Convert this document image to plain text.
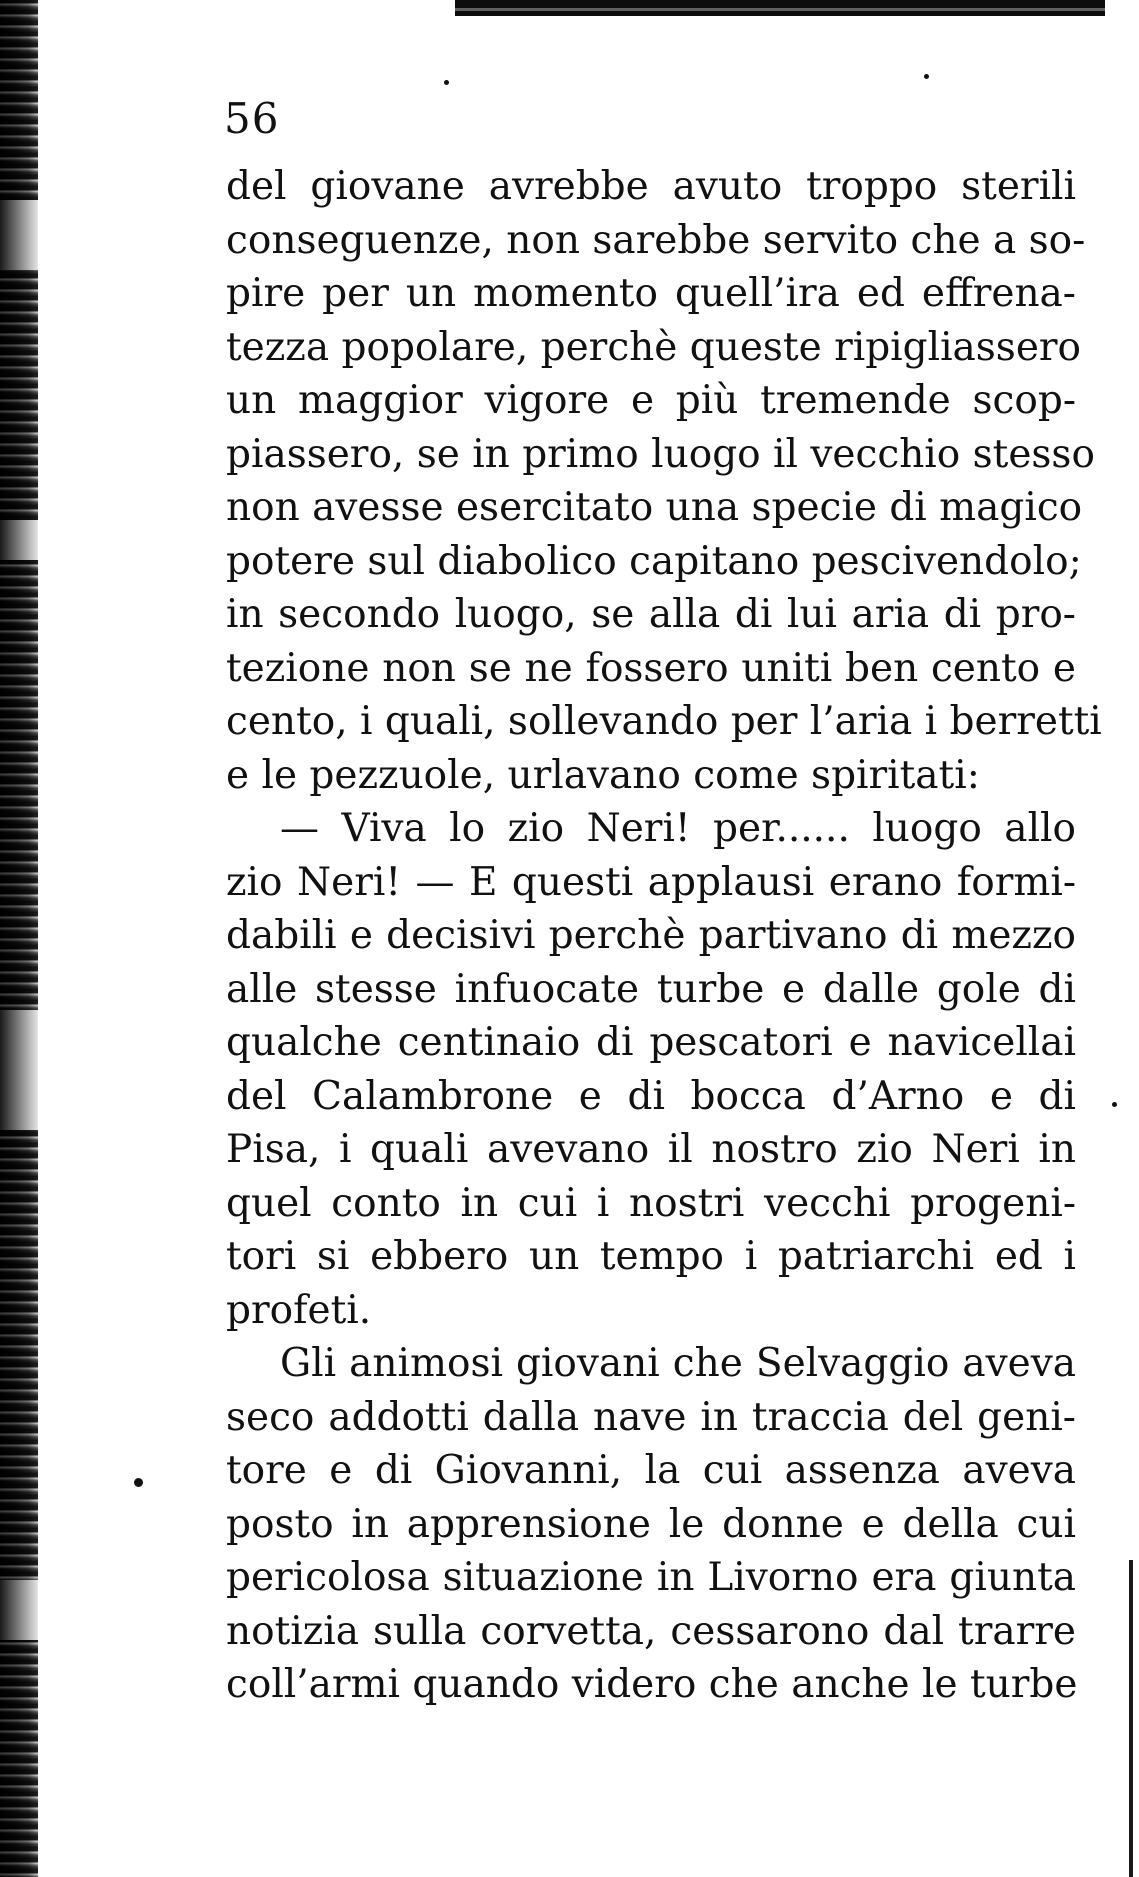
56
del giovane avrebbe avuto troppo sterili
conseguenze, non sarebbe servito che a so-
pire per un momento quell’ira ed effrena-
tezza popolare, perchè queste ripigliassero
un maggior vigore e più tremende scop-
piassero, se in primo luogo il vecchio stesso
non avesse esercitato una specie di magico
potere sul diabolico capitano pescivendolo;
in secondo luogo, se alla di lui aria di pro-
tezione non se ne fossero uniti ben cento e
cento, i quali, sollevando per l’aria i berretti
e le pezzuole, urlavano come spiritati:
— Viva lo zio Neri! per...... luogo allo
zio Neri! — E questi applausi erano formi-
dabili e decisivi perchè partivano di mezzo
alle stesse infuocate turbe e dalle gole di
qualche centinaio di pescatori e navicellai
del Calambrone e di bocca d’Arno e di
Pisa, i quali avevano il nostro zio Neri in
quel conto in cui i nostri vecchi progeni-
tori si ebbero un tempo i patriarchi ed i
profeti.
Gli animosi giovani che Selvaggio aveva
seco addotti dalla nave in traccia del geni-
tore e di Giovanni, la cui assenza aveva
posto in apprensione le donne e della cui
pericolosa situazione in Livorno era giunta
notizia sulla corvetta, cessarono dal trarre
coll’armi quando videro che anche le turbe
